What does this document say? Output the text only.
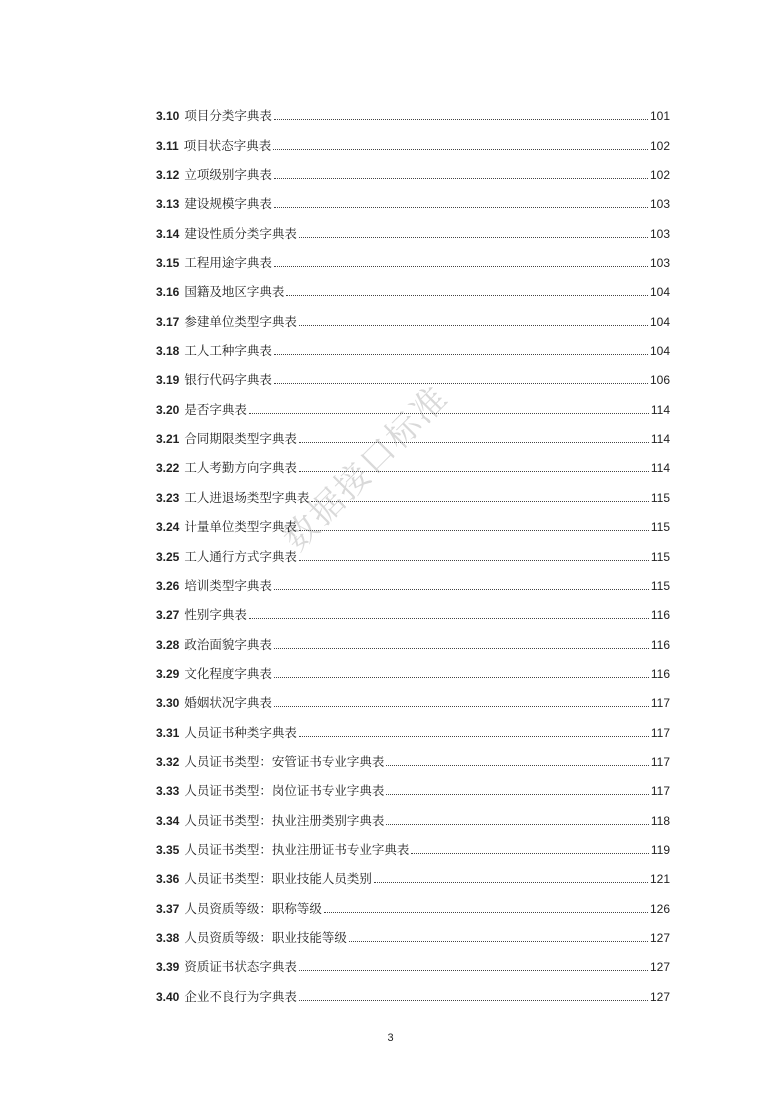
数据接口标准
3.10 项目分类字典表	101
3.11 项目状态字典表	102
3.12 立项级别字典表	102
3.13 建设规模字典表	103
3.14 建设性质分类字典表	103
3.15 工程用途字典表	103
3.16 国籍及地区字典表	104
3.17 参建单位类型字典表	104
3.18 工人工种字典表	104
3.19 银行代码字典表	106
3.20 是否字典表	114
3.21 合同期限类型字典表	114
3.22 工人考勤方向字典表	114
3.23 工人进退场类型字典表	115
3.24 计量单位类型字典表	115
3.25 工人通行方式字典表	115
3.26 培训类型字典表	115
3.27 性别字典表	116
3.28 政治面貌字典表	116
3.29 文化程度字典表	116
3.30 婚姻状况字典表	117
3.31 人员证书种类字典表	117
3.32 人员证书类型：安管证书专业字典表	117
3.33 人员证书类型：岗位证书专业字典表	117
3.34 人员证书类型：执业注册类别字典表	118
3.35 人员证书类型：执业注册证书专业字典表	119
3.36 人员证书类型：职业技能人员类别	121
3.37 人员资质等级：职称等级	126
3.38 人员资质等级：职业技能等级	127
3.39 资质证书状态字典表	127
3.40 企业不良行为字典表	127
3
